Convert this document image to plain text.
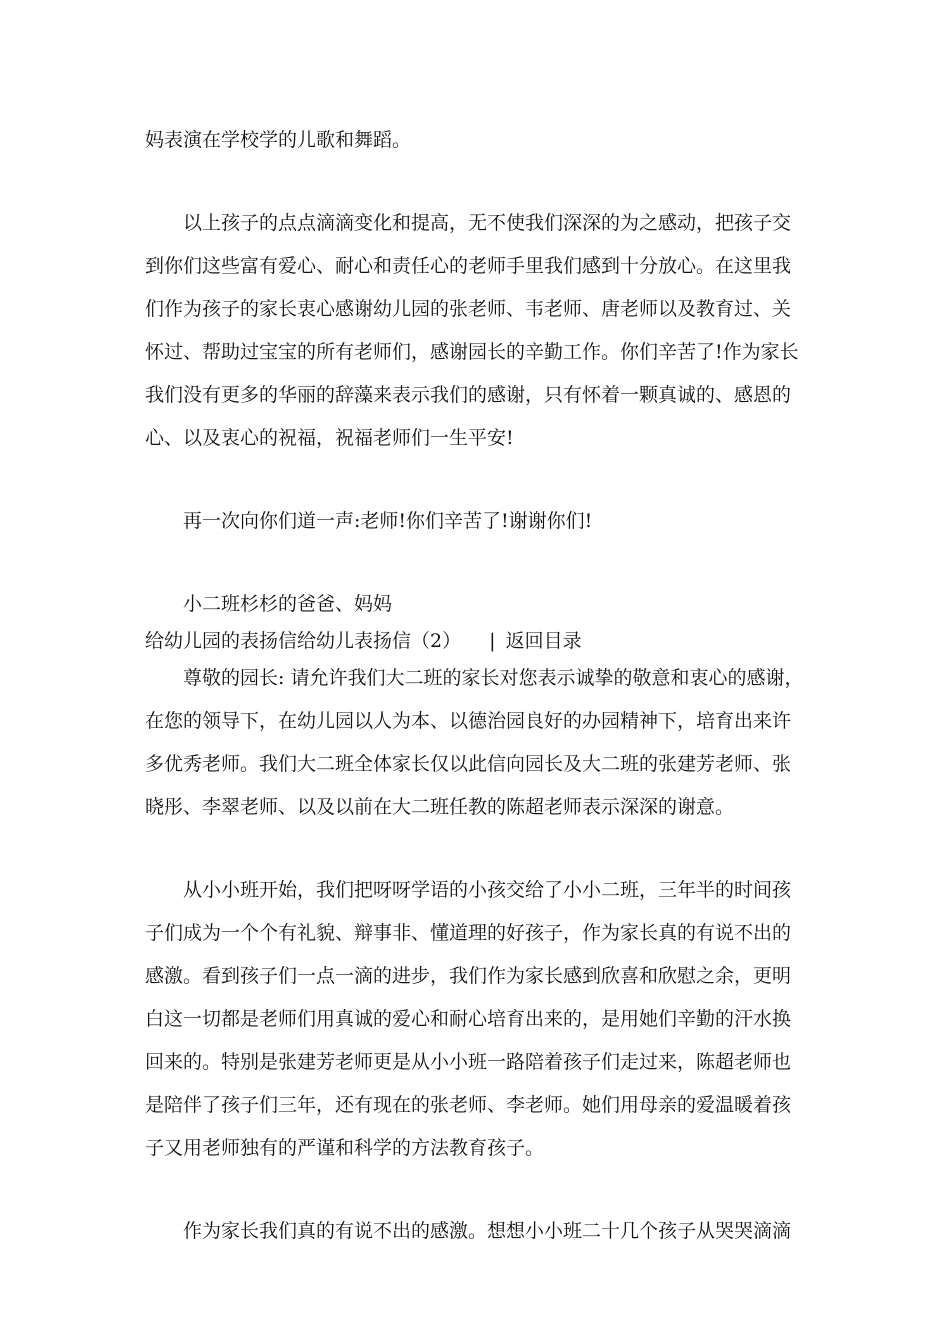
妈表演在学校学的儿歌和舞蹈。
以上孩子的点点滴滴变化和提高，无不使我们深深的为之感动，把孩子交
到你们这些富有爱心、耐心和责任心的老师手里我们感到十分放心。在这里我
们作为孩子的家长衷心感谢幼儿园的张老师、韦老师、唐老师以及教育过、关
怀过、帮助过宝宝的所有老师们，感谢园长的辛勤工作。你们辛苦了!作为家长
我们没有更多的华丽的辞藻来表示我们的感谢，只有怀着一颗真诚的、感恩的
心、以及衷心的祝福，祝福老师们一生平安!
再一次向你们道一声:老师!你们辛苦了!谢谢你们!
小二班杉杉的爸爸、妈妈
给幼儿园的表扬信给幼儿表扬信（2） | 返回目录
尊敬的园长: 请允许我们大二班的家长对您表示诚挚的敬意和衷心的感谢，
在您的领导下，在幼儿园以人为本、以德治园良好的办园精神下，培育出来许
多优秀老师。我们大二班全体家长仅以此信向园长及大二班的张建芳老师、张
晓彤、李翠老师、以及以前在大二班任教的陈超老师表示深深的谢意。
从小小班开始，我们把呀呀学语的小孩交给了小小二班，三年半的时间孩
子们成为一个个有礼貌、辩事非、懂道理的好孩子，作为家长真的有说不出的
感激。看到孩子们一点一滴的进步，我们作为家长感到欣喜和欣慰之余，更明
白这一切都是老师们用真诚的爱心和耐心培育出来的，是用她们辛勤的汗水换
回来的。特别是张建芳老师更是从小小班一路陪着孩子们走过来，陈超老师也
是陪伴了孩子们三年，还有现在的张老师、李老师。她们用母亲的爱温暖着孩
子又用老师独有的严谨和科学的方法教育孩子。
作为家长我们真的有说不出的感激。想想小小班二十几个孩子从哭哭滴滴
